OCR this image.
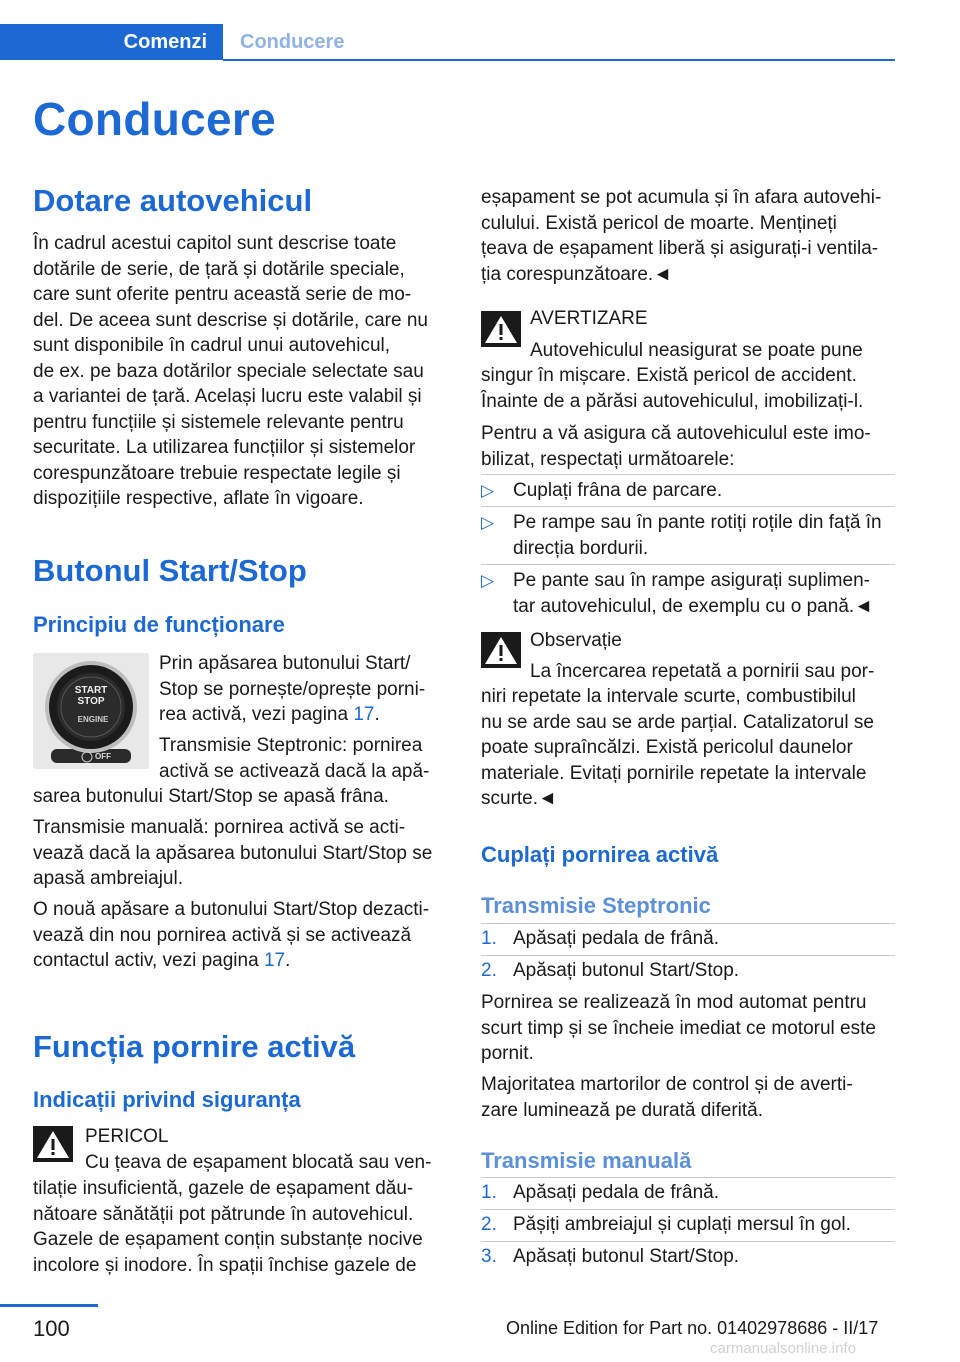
Comenzi	Conducere
Conducere
Dotare autovehicul
În cadrul acestui capitol sunt descrise toate
dotările de serie, de țară și dotările speciale,
care sunt oferite pentru această serie de mo‐
del. De aceea sunt descrise și dotările, care nu
sunt disponibile în cadrul unui autovehicul,
de ex. pe baza dotărilor speciale selectate sau
a variantei de țară. Același lucru este valabil și
pentru funcțiile și sistemele relevante pentru
securitate. La utilizarea funcțiilor și sistemelor
corespunzătoare trebuie respectate legile și
dispozițiile respective, aflate în vigoare.
Butonul Start/Stop
Principiu de funcționare
START
STOP
ENGINE
OFF
Prin apăsarea butonului Start/
Stop se pornește/oprește porni‐
rea activă, vezi pagina 17.
Transmisie Steptronic: pornirea
activă se activează dacă la apă‐
sarea butonului Start/Stop se apasă frâna.
Transmisie manuală: pornirea activă se acti‐
vează dacă la apăsarea butonului Start/Stop se
apasă ambreiajul.
O nouă apăsare a butonului Start/Stop dezacti‐
vează din nou pornirea activă și se activează
contactul activ, vezi pagina 17.
Funcția pornire activă
Indicații privind siguranța
PERICOL
Cu țeava de eșapament blocată sau ven‐
tilație insuficientă, gazele de eșapament dău‐
nătoare sănătății pot pătrunde în autovehicul.
Gazele de eșapament conțin substanțe nocive
incolore și inodore. În spații închise gazele de
eșapament se pot acumula și în afara autovehi‐
culului. Există pericol de moarte. Mențineți
țeava de eșapament liberă și asigurați-i ventila‐
ția corespunzătoare.◄
AVERTIZARE
Autovehiculul neasigurat se poate pune
singur în mișcare. Există pericol de accident.
Înainte de a părăsi autovehiculul, imobilizați-l.
Pentru a vă asigura că autovehiculul este imo‐
bilizat, respectați următoarele:
▷ Cuplați frâna de parcare.
▷ Pe rampe sau în pante rotiți roțile din față în
direcția bordurii.
▷ Pe pante sau în rampe asigurați suplimen‐
tar autovehiculul, de exemplu cu o pană.◄
Observație
La încercarea repetată a pornirii sau por‐
niri repetate la intervale scurte, combustibilul
nu se arde sau se arde parțial. Catalizatorul se
poate supraîncălzi. Există pericolul daunelor
materiale. Evitați pornirile repetate la intervale
scurte.◄
Cuplați pornirea activă
Transmisie Steptronic
1. Apăsați pedala de frână.
2. Apăsați butonul Start/Stop.
Pornirea se realizează în mod automat pentru
scurt timp și se încheie imediat ce motorul este
pornit.
Majoritatea martorilor de control și de averti‐
zare luminează pe durată diferită.
Transmisie manuală
1. Apăsați pedala de frână.
2. Pășiți ambreiajul și cuplați mersul în gol.
3. Apăsați butonul Start/Stop.
100	Online Edition for Part no. 01402978686 - II/17
carmanualsonline.info
